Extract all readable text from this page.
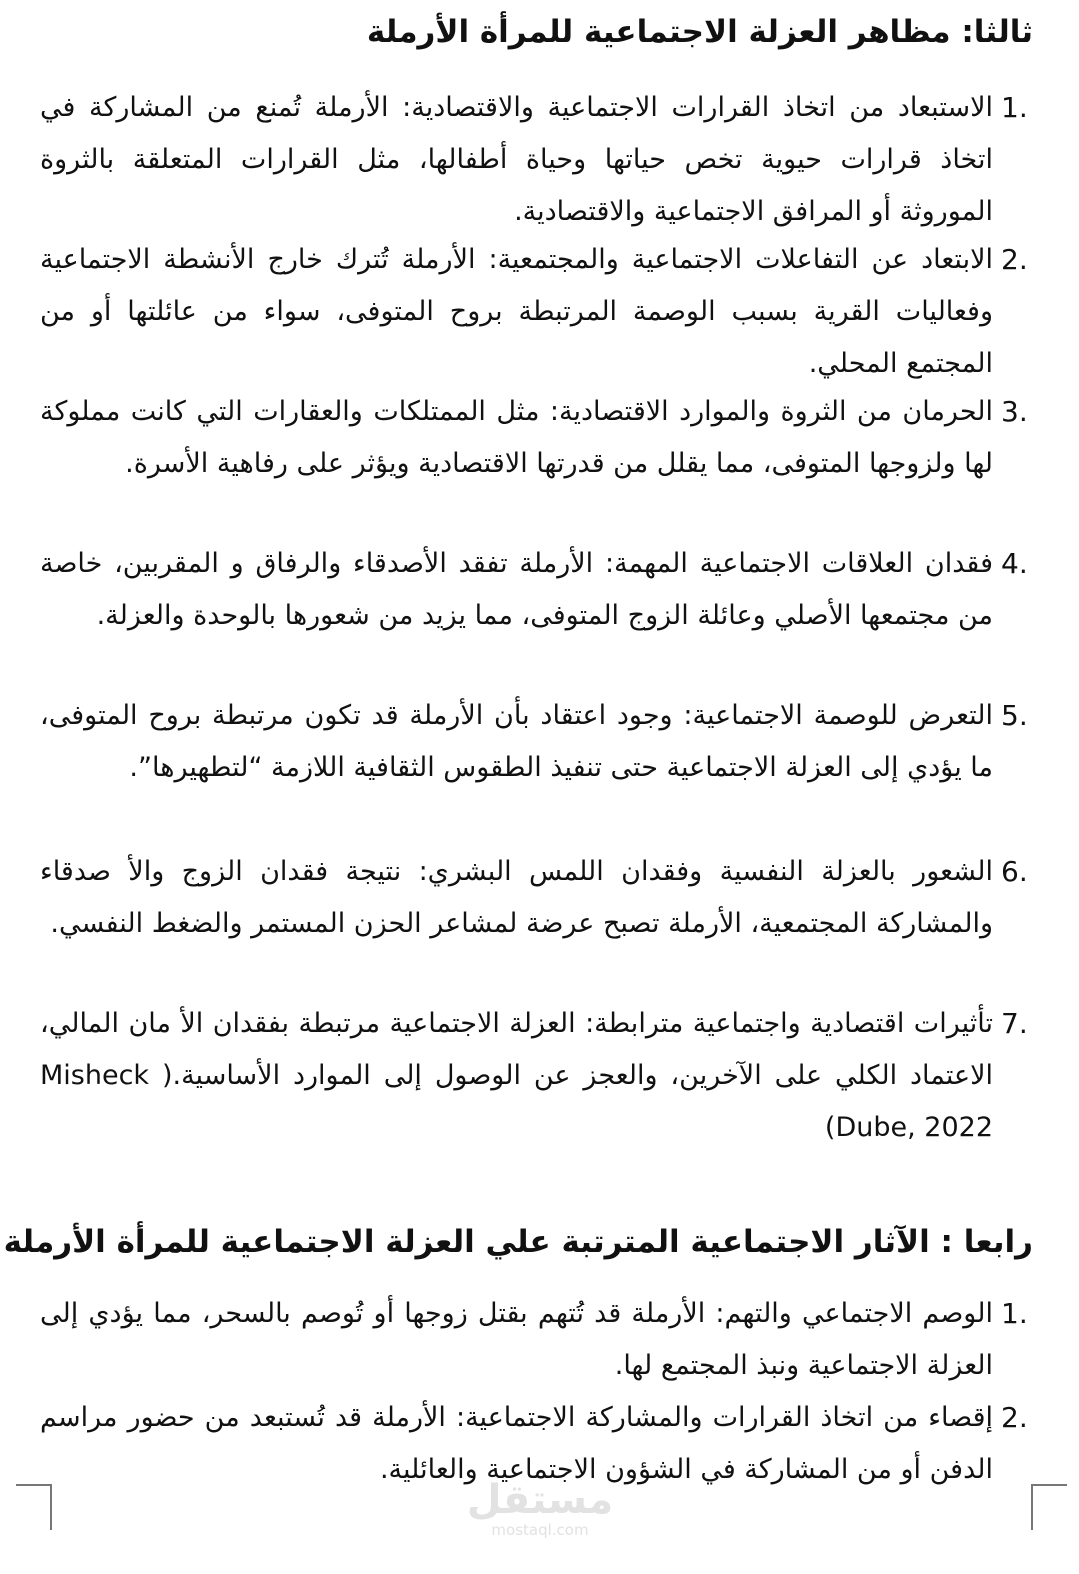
ثالثا: مظاهر العزلة الاجتماعية للمرأة الأرملة
1.
الاستبعاد من اتخاذ القرارات الاجتماعية والاقتصادية: الأرملة تُمنع من المشاركة في اتخاذ قرارات حيوية تخص حياتها وحياة أطفالها، مثل القرارات المتعلقة بالثروة الموروثة أو المرافق الاجتماعية والاقتصادية.
2.
الابتعاد عن التفاعلات الاجتماعية والمجتمعية: الأرملة تُترك خارج الأنشطة الاجتماعية وفعاليات القرية بسبب الوصمة المرتبطة بروح المتوفى، سواء من عائلتها أو من المجتمع المحلي.
3.
الحرمان من الثروة والموارد الاقتصادية: مثل الممتلكات والعقارات التي كانت مملوكة لها ولزوجها المتوفى، مما يقلل من قدرتها الاقتصادية ويؤثر على رفاهية الأسرة.
4.
فقدان العلاقات الاجتماعية المهمة: الأرملة تفقد الأصدقاء والرفاق و المقربين، خاصة من مجتمعها الأصلي وعائلة الزوج المتوفى، مما يزيد من شعورها بالوحدة والعزلة.
5.
التعرض للوصمة الاجتماعية: وجود اعتقاد بأن الأرملة قد تكون مرتبطة بروح المتوفى، ما يؤدي إلى العزلة الاجتماعية حتى تنفيذ الطقوس الثقافية اللازمة “لتطهيرها”.
6.
الشعور بالعزلة النفسية وفقدان اللمس البشري: نتيجة فقدان الزوج والأ صدقاء والمشاركة المجتمعية، الأرملة تصبح عرضة لمشاعر الحزن المستمر والضغط النفسي.
7.
تأثيرات اقتصادية واجتماعية مترابطة: العزلة الاجتماعية مرتبطة بفقدان الأ مان المالي، الاعتماد الكلي على الآخرين، والعجز عن الوصول إلى الموارد الأساسية.( Misheck Dube, 2022)
رابعا : الآثار الاجتماعية المترتبة علي العزلة الاجتماعية للمرأة الأرملة
1.
الوصم الاجتماعي والتهم: الأرملة قد تُتهم بقتل زوجها أو تُوصم بالسحر، مما يؤدي إلى العزلة الاجتماعية ونبذ المجتمع لها.
2.
إقصاء من اتخاذ القرارات والمشاركة الاجتماعية: الأرملة قد تُستبعد من حضور مراسم الدفن أو من المشاركة في الشؤون الاجتماعية والعائلية.
مستقل
mostaql.com
